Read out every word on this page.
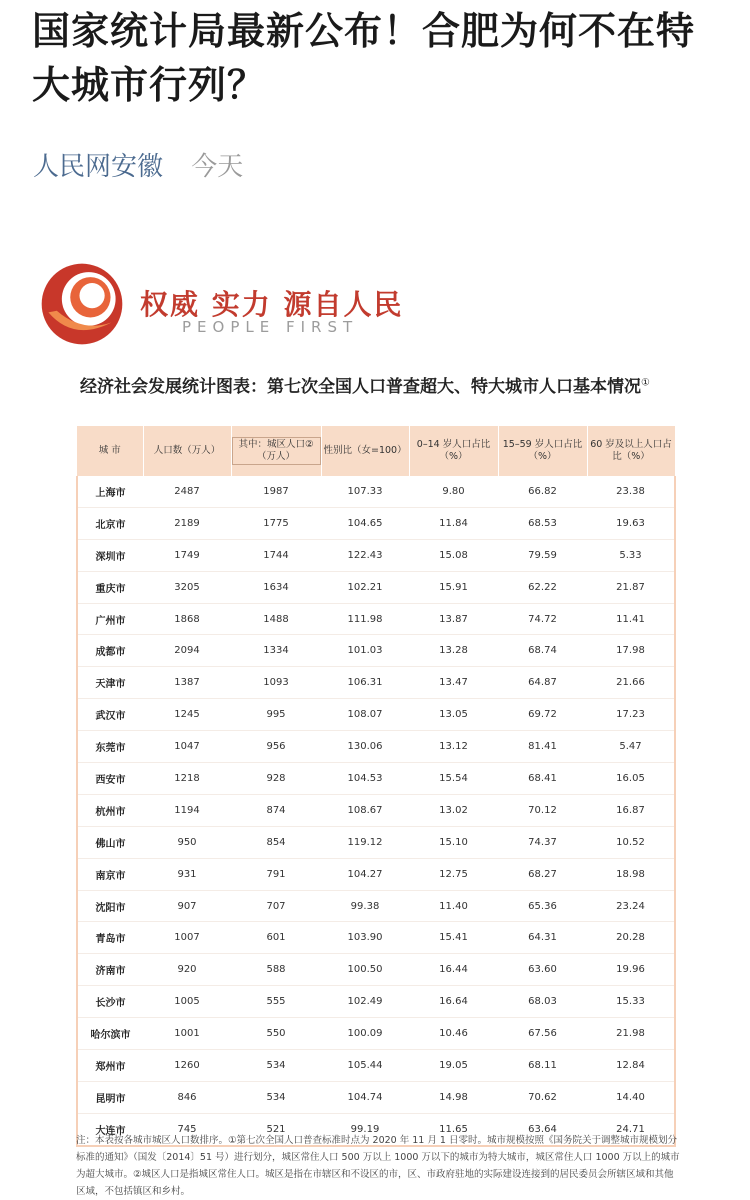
国家统计局最新公布！合肥为何不在特大城市行列？
人民网安徽 今天
权威 实力 源自人民
PEOPLE FIRST
经济社会发展统计图表：第七次全国人口普查超大、特大城市人口基本情况①
城 市	人口数（万人）	其中：城区人口②（万人）	性别比（女=100）	0–14 岁人口占比（%）	15–59 岁人口占比（%）	60 岁及以上人口占比（%）
上海市	2487	1987	107.33	9.80	66.82	23.38
北京市	2189	1775	104.65	11.84	68.53	19.63
深圳市	1749	1744	122.43	15.08	79.59	5.33
重庆市	3205	1634	102.21	15.91	62.22	21.87
广州市	1868	1488	111.98	13.87	74.72	11.41
成都市	2094	1334	101.03	13.28	68.74	17.98
天津市	1387	1093	106.31	13.47	64.87	21.66
武汉市	1245	995	108.07	13.05	69.72	17.23
东莞市	1047	956	130.06	13.12	81.41	5.47
西安市	1218	928	104.53	15.54	68.41	16.05
杭州市	1194	874	108.67	13.02	70.12	16.87
佛山市	950	854	119.12	15.10	74.37	10.52
南京市	931	791	104.27	12.75	68.27	18.98
沈阳市	907	707	99.38	11.40	65.36	23.24
青岛市	1007	601	103.90	15.41	64.31	20.28
济南市	920	588	100.50	16.44	63.60	19.96
长沙市	1005	555	102.49	16.64	68.03	15.33
哈尔滨市	1001	550	100.09	10.46	67.56	21.98
郑州市	1260	534	105.44	19.05	68.11	12.84
昆明市	846	534	104.74	14.98	70.62	14.40
大连市	745	521	99.19	11.65	63.64	24.71
注：本表按各城市城区人口数排序。①第七次全国人口普查标准时点为 2020 年 11 月 1 日零时。城市规模按照《国务院关于调整城市规模划分标准的通知》（国发〔2014〕51 号）进行划分，城区常住人口 500 万以上 1000 万以下的城市为特大城市，城区常住人口 1000 万以上的城市为超大城市。②城区人口是指城区常住人口。城区是指在市辖区和不设区的市，区、市政府驻地的实际建设连接到的居民委员会所辖区域和其他区域，不包括镇区和乡村。
